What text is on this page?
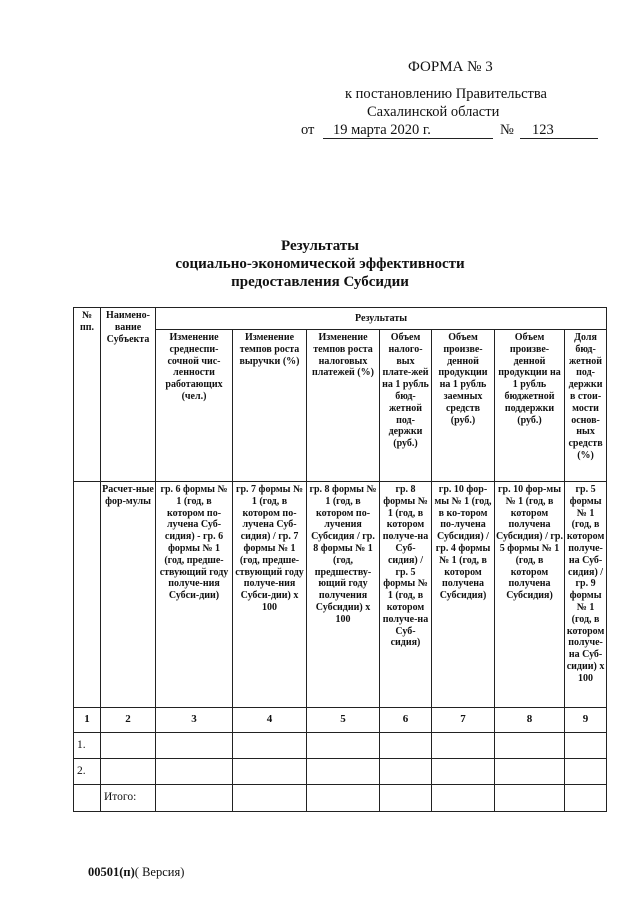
ФОРМА № 3
к постановлению Правительства
Сахалинской области
от 19 марта 2020 г.	№ 123
Результаты
социально-экономической эффективности
предоставления Субсидии
№ пп.	Наимено-вание Субъекта	Результаты						
		Изменение среднеспи-сочной чис-ленности работающих (чел.)	Изменение темпов роста выручки (%)	Изменение темпов роста налоговых платежей (%)	Объем налого-вых плате-жей на 1 рубль бюд-жетной под-держки (руб.)	Объем произве-денной продукции на 1 рубль заемных средств (руб.)	Объем произве-денной продукции на 1 рубль бюджетной поддержки (руб.)	Доля бюд-жетной под-держки в стои-мости основ-ных средств (%)
	Расчет-ные фор-мулы	гр. 6 формы № 1 (год, в котором по-лучена Суб-сидия) - гр. 6 формы № 1 (год, предше-ствующий году получе-ния Субси-дии)	гр. 7 формы № 1 (год, в котором по-лучена Суб-сидия) / гр. 7 формы № 1 (год, предше-ствующий году получе-ния Субси-дии) х 100	гр. 8 формы № 1 (год, в котором по-лучения Субсидия / гр. 8 формы № 1 (год, предшеству-ющий году получения Субсидии) х 100	гр. 8 формы № 1 (год, в котором получе-на Суб-сидия) / гр. 5 формы № 1 (год, в котором получе-на Суб-сидия)	гр. 10 фор-мы № 1 (год, в ко-тором по-лучена Субсидия) / гр. 4 формы № 1 (год, в котором получена Субсидия)	гр. 10 фор-мы № 1 (год, в котором получена Субсидия) / гр. 5 формы № 1 (год, в котором получена Субсидия)	гр. 5 формы № 1 (год, в котором получе-на Суб-сидия) / гр. 9 формы № 1 (год, в котором получе-на Суб-сидии) х 100
1	2	3	4	5	6	7	8	9
1.								
2.								
	Итого:							
00501(п)( Версия)
